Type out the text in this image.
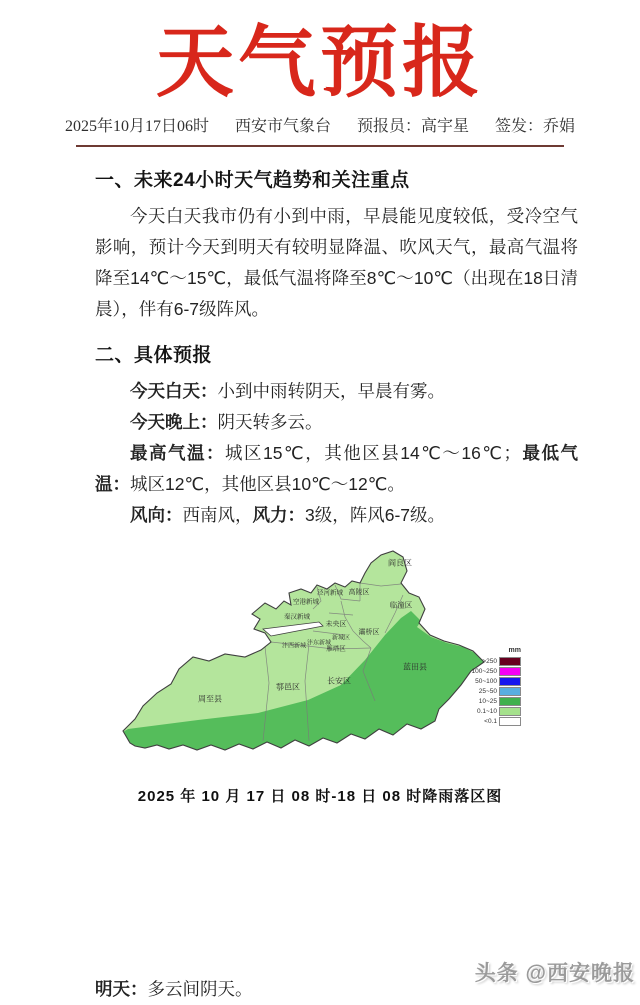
天气预报
2025年10月17日06时 西安市气象台 预报员：高宇星 签发：乔娟
一、未来24小时天气趋势和关注重点

今天白天我市仍有小到中雨，早晨能见度较低，受冷空气影响，预计今天到明天有较明显降温、吹风天气，最高气温将降至14℃～15℃，最低气温将降至8℃～10℃（出现在18日清晨），伴有6-7级阵风。

二、具体预报

今天白天：小到中雨转阴天，早晨有雾。

今天晚上：阴天转多云。

最高气温：城区15℃，其他区县14℃～16℃；最低气温：城区12℃，其他区县10℃～12℃。

风向：西南风，风力：3级，阵风6-7级。

阎良区
泾河新城 高陵区
临潼区
空港新城
秦汉新城
未央区
灞桥区
新城区
沣东新城
沣西新城	雁塔区
蓝田县
长安区
鄠邑区
周至县
mm
>250
100~250
50~100
25~50
10~25
0.1~10
<0.1
2025 年 10 月 17 日 08 时-18 日 08 时降雨落区图

明天：多云间阴天。

头条 @西安晚报
